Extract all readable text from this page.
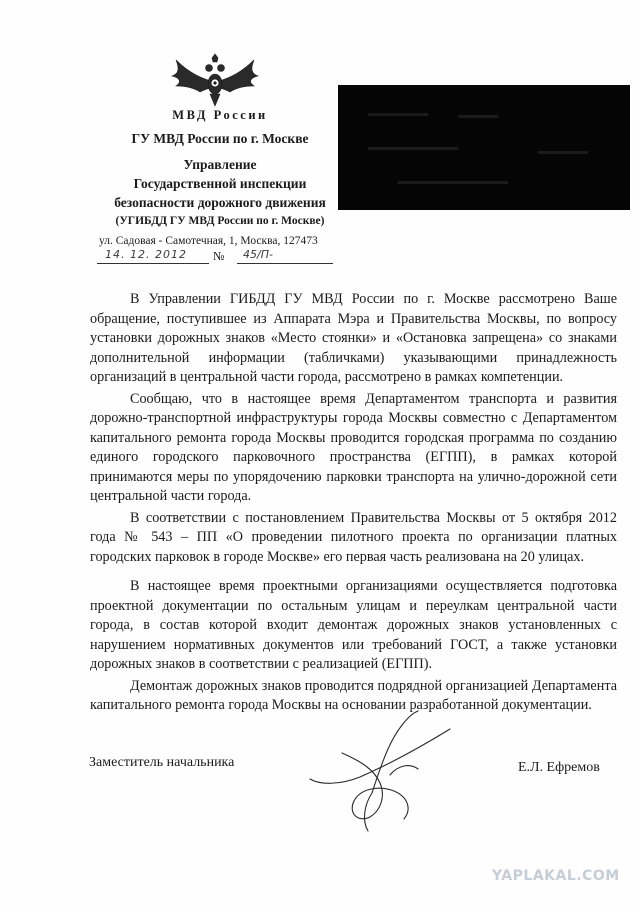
МВД России
ГУ МВД России по г. Москве
Управление
Государственной инспекции
безопасности дорожного движения
(УГИБДД ГУ МВД России по г. Москве)
ул. Садовая - Самотечная, 1, Москва, 127473
14. 12. 2012 № 45/П-

В Управлении ГИБДД ГУ МВД России по г. Москве рассмотрено Ваше обращение, поступившее из Аппарата Мэра и Правительства Москвы, по вопросу установки дорожных знаков «Место стоянки» и «Остановка запрещена» со знаками дополнительной информации (табличками) указывающими принадлежность организаций в центральной части города, рассмотрено в рамках компетенции.

Сообщаю, что в настоящее время Департаментом транспорта и развития дорожно-транспортной инфраструктуры города Москвы совместно с Департаментом капитального ремонта города Москвы проводится городская программа по созданию единого городского парковочного пространства (ЕГПП), в рамках которой принимаются меры по упорядочению парковки транспорта на улично-дорожной сети центральной части города.

В соответствии с постановлением Правительства Москвы от 5 октября 2012 года № 543 – ПП «О проведении пилотного проекта по организации платных городских парковок в городе Москве» его первая часть реализована на 20 улицах.

В настоящее время проектными организациями осуществляется подготовка проектной документации по остальным улицам и переулкам центральной части города, в состав которой входит демонтаж дорожных знаков установленных с нарушением нормативных документов или требований ГОСТ, а также установки дорожных знаков в соответствии с реализацией (ЕГПП).

Демонтаж дорожных знаков проводится подрядной организацией Департамента капитального ремонта города Москвы на основании разработанной документации.

Заместитель начальника	Е.Л. Ефремов
YAPLAKAL.COM
